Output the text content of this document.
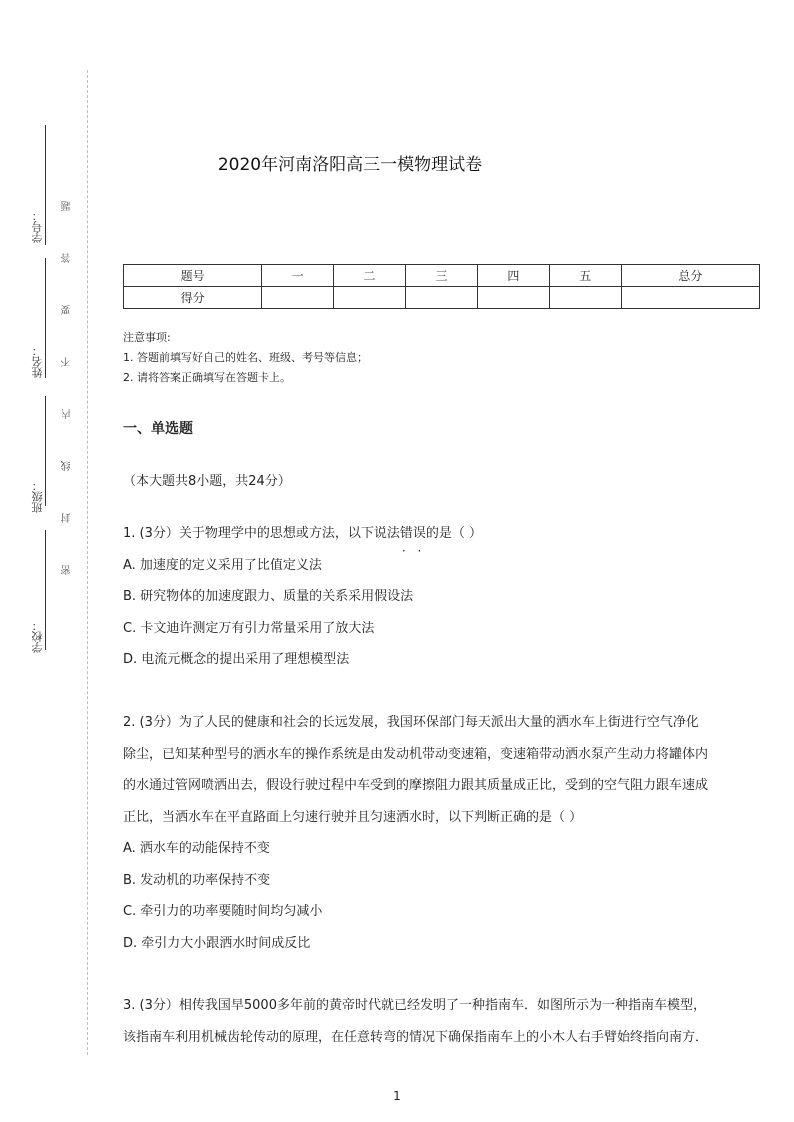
学号：
姓名：
班级：
学校：
题
答
要
不
内
线
封
密
2020年河南洛阳高三一模物理试卷
题号	一	二	三	四	五	总分
得分						
注意事项:
1. 答题前填写好自己的姓名、班级、考号等信息；
2. 请将答案正确填写在答题卡上。
一、单选题
（本大题共8小题，共24分）

1. (3分）关于物理学中的思想或方法，以下说法错误 · ·的是（ ）

A. 加速度的定义采用了比值定义法

B. 研究物体的加速度跟力、质量的关系采用假设法

C. 卡文迪许测定万有引力常量采用了放大法

D. 电流元概念的提出采用了理想模型法

2. (3分）为了人民的健康和社会的长远发展，我国环保部门每天派出大量的洒水车上街进行空气净化

除尘，已知某种型号的洒水车的操作系统是由发动机带动变速箱，变速箱带动洒水泵产生动力将罐体内

的水通过管网喷洒出去，假设行驶过程中车受到的摩擦阻力跟其质量成正比，受到的空气阻力跟车速成

正比，当洒水车在平直路面上匀速行驶并且匀速洒水时，以下判断正确的是（ ）

A. 洒水车的动能保持不变

B. 发动机的功率保持不变

C. 牵引力的功率要随时间均匀减小

D. 牵引力大小跟洒水时间成反比

3. (3分）相传我国早5000多年前的黄帝时代就已经发明了一种指南车．如图所示为一种指南车模型，

该指南车利用机械齿轮传动的原理，在任意转弯的情况下确保指南车上的小木人右手臂始终指向南方．

1
